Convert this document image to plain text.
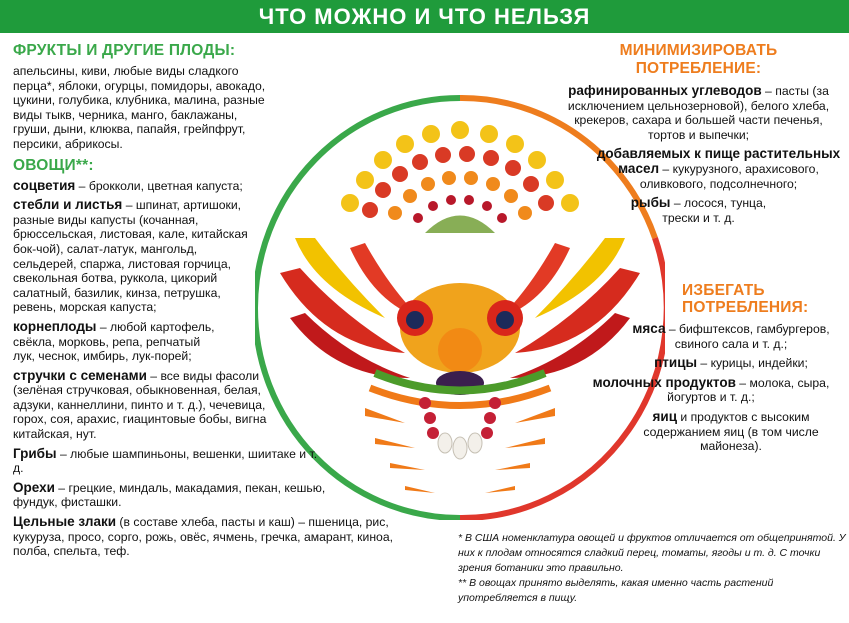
ЧТО МОЖНО И ЧТО НЕЛЬЗЯ
ФРУКТЫ И ДРУГИЕ ПЛОДЫ:
апельсины, киви, любые виды сладкого перца*, яблоки, огурцы, помидоры, авокадо, цукини, голубика, клубника, малина, разные виды тыкв, черника, манго, баклажаны, груши, дыни, клюква, папайя, грейпфрут, персики, абрикосы.
ОВОЩИ**:
соцветия – брокколи, цветная капуста;
стебли и листья – шпинат, артишоки, разные виды капусты (кочанная, брюссельская, листовая, кале, китайская бок-чой), салат-латук, мангольд, сельдерей, спаржа, листовая горчица, свекольная ботва, руккола, цикорий салатный, базилик, кинза, петрушка, ревень, морская капуста;
корнеплоды – любой картофель, свёкла, морковь, репа, репчатый лук, чеснок, имбирь, лук-порей;
стручки с семенами – все виды фасоли (зелёная стручковая, обыкновенная, белая, адзуки, каннеллини, пинто и т. д.), чечевица, горох, соя, арахис, гиацинтовые бобы, вигна китайская, нут.
Грибы – любые шампиньоны, вешенки, шиитаке и т. д.
Орехи – грецкие, миндаль, макадамия, пекан, кешью, фундук, фисташки.
Цельные злаки (в составе хлеба, пасты и каш) – пшеница, рис, кукуруза, просо, сорго, рожь, овёс, ячмень, гречка, амарант, киноа, полба, спельта, теф.
МИНИМИЗИРОВАТЬ ПОТРЕБЛЕНИЕ:
рафинированных углеводов – пасты (за исключением цельнозерновой), белого хлеба, крекеров, сахара и большей части печенья, тортов и выпечки;
добавляемых к пище растительных масел – кукурузного, арахисового, оливкового, подсолнечного;
рыбы – лосося, тунца, трески и т. д.
ИЗБЕГАТЬ ПОТРЕБЛЕНИЯ:
мяса – бифштексов, гамбургеров, свиного сала и т. д.;
птицы – курицы, индейки;
молочных продуктов – молока, сыра, йогуртов и т. д.;
яиц и продуктов с высоким содержанием яиц (в том числе майонеза).
* В США номенклатура овощей и фруктов отличается от общепринятой. У них к плодам относятся сладкий перец, томаты, ягоды и т. д. С точки зрения ботаники это правильно.
** В овощах принято выделять, какая именно часть растений употребляется в пищу.
